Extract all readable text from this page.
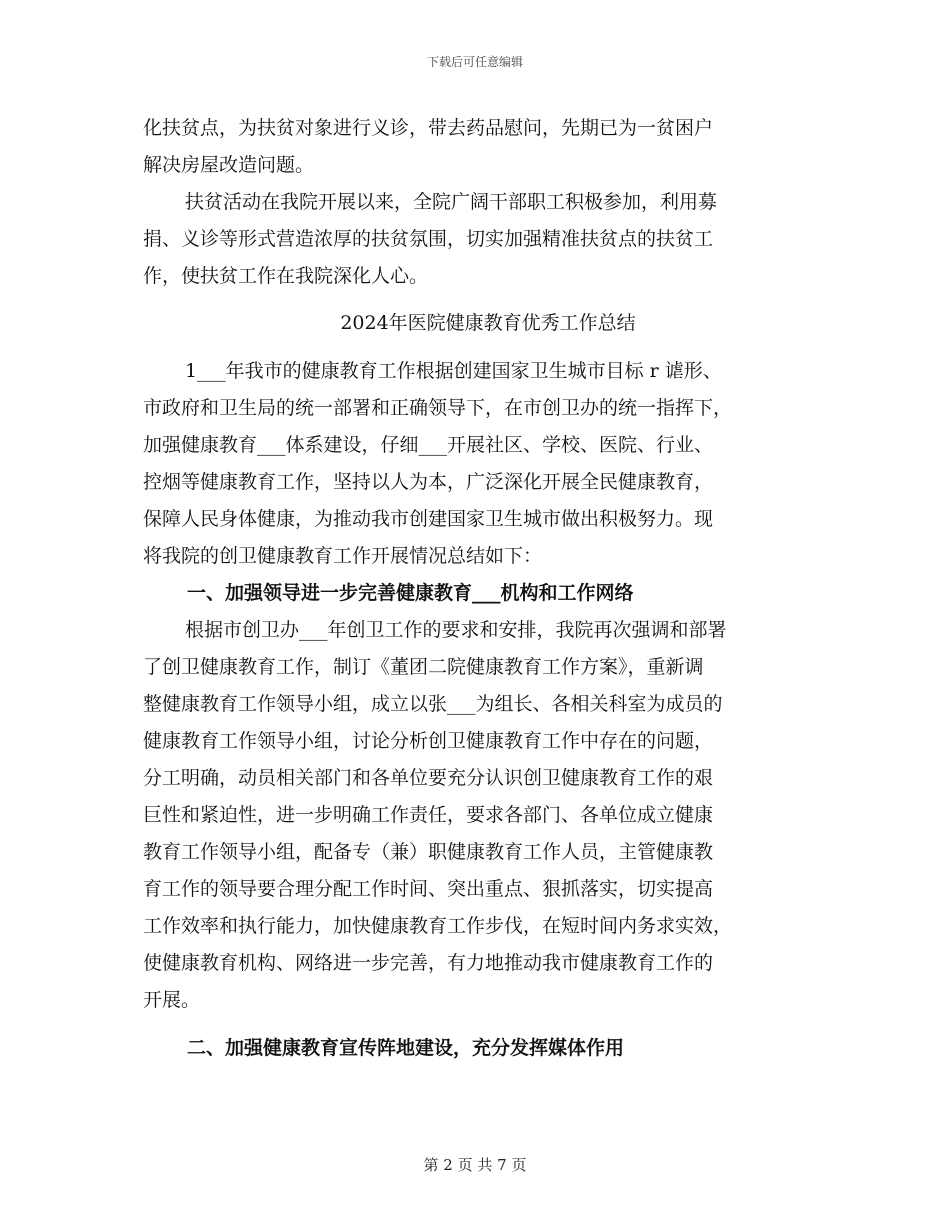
下载后可任意编辑
化扶贫点，为扶贫对象进行义诊，带去药品慰问，先期已为一贫困户
解决房屋改造问题。
扶贫活动在我院开展以来，全院广阔干部职工积极参加，利用募
捐、义诊等形式营造浓厚的扶贫氛围，切实加强精准扶贫点的扶贫工
作，使扶贫工作在我院深化人心。
2024年医院健康教育优秀工作总结
1___年我市的健康教育工作根据创建国家卫生城市目标 r 谑形、
市政府和卫生局的统一部署和正确领导下，在市创卫办的统一指挥下，
加强健康教育___体系建设，仔细___开展社区、学校、医院、行业、
控烟等健康教育工作，坚持以人为本，广泛深化开展全民健康教育，
保障人民身体健康，为推动我市创建国家卫生城市做出积极努力。现
将我院的创卫健康教育工作开展情况总结如下：
一、加强领导进一步完善健康教育___机构和工作网络
根据市创卫办___年创卫工作的要求和安排，我院再次强调和部署
了创卫健康教育工作，制订《董团二院健康教育工作方案》，重新调
整健康教育工作领导小组，成立以张___为组长、各相关科室为成员的
健康教育工作领导小组，讨论分析创卫健康教育工作中存在的问题，
分工明确，动员相关部门和各单位要充分认识创卫健康教育工作的艰
巨性和紧迫性，进一步明确工作责任，要求各部门、各单位成立健康
教育工作领导小组，配备专（兼）职健康教育工作人员，主管健康教
育工作的领导要合理分配工作时间、突出重点、狠抓落实，切实提高
工作效率和执行能力，加快健康教育工作步伐，在短时间内务求实效，
使健康教育机构、网络进一步完善，有力地推动我市健康教育工作的
开展。
二、加强健康教育宣传阵地建设，充分发挥媒体作用
第 2 页 共 7 页
